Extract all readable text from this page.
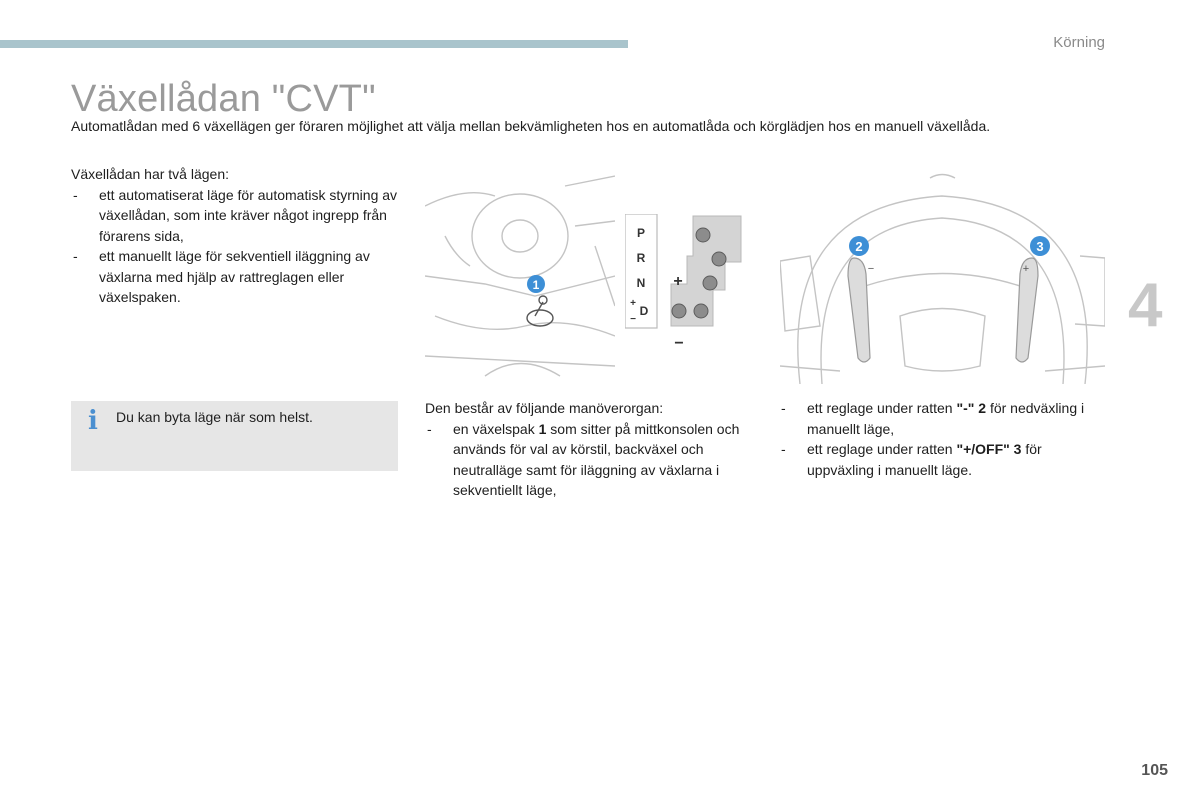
Körning
4
Växellådan "CVT"

Automatlådan med 6 växellägen ger föraren möjlighet att välja mellan bekvämligheten hos en automatlåda och körglädjen hos en manuell växellåda.

Växellådan har två lägen:

- ett automatiserat läge för automatisk styrning av växellådan, som inte kräver något ingrepp från förarens sida,
- ett manuellt läge för sekventiell iläggning av växlarna med hjälp av rattreglagen eller växelspaken.
i Du kan byta läge när som helst.
1
P
R
N
D
+
−
+
−
−	+
2	3

Den består av följande manöverorgan:

- en växelspak 1 som sitter på mittkonsolen och används för val av körstil, backväxel och neutralläge samt för iläggning av växlarna i sekventiellt läge,
- ett reglage under ratten "-" 2 för nedväxling i manuellt läge,
- ett reglage under ratten "+/OFF" 3 för uppväxling i manuellt läge.
105
